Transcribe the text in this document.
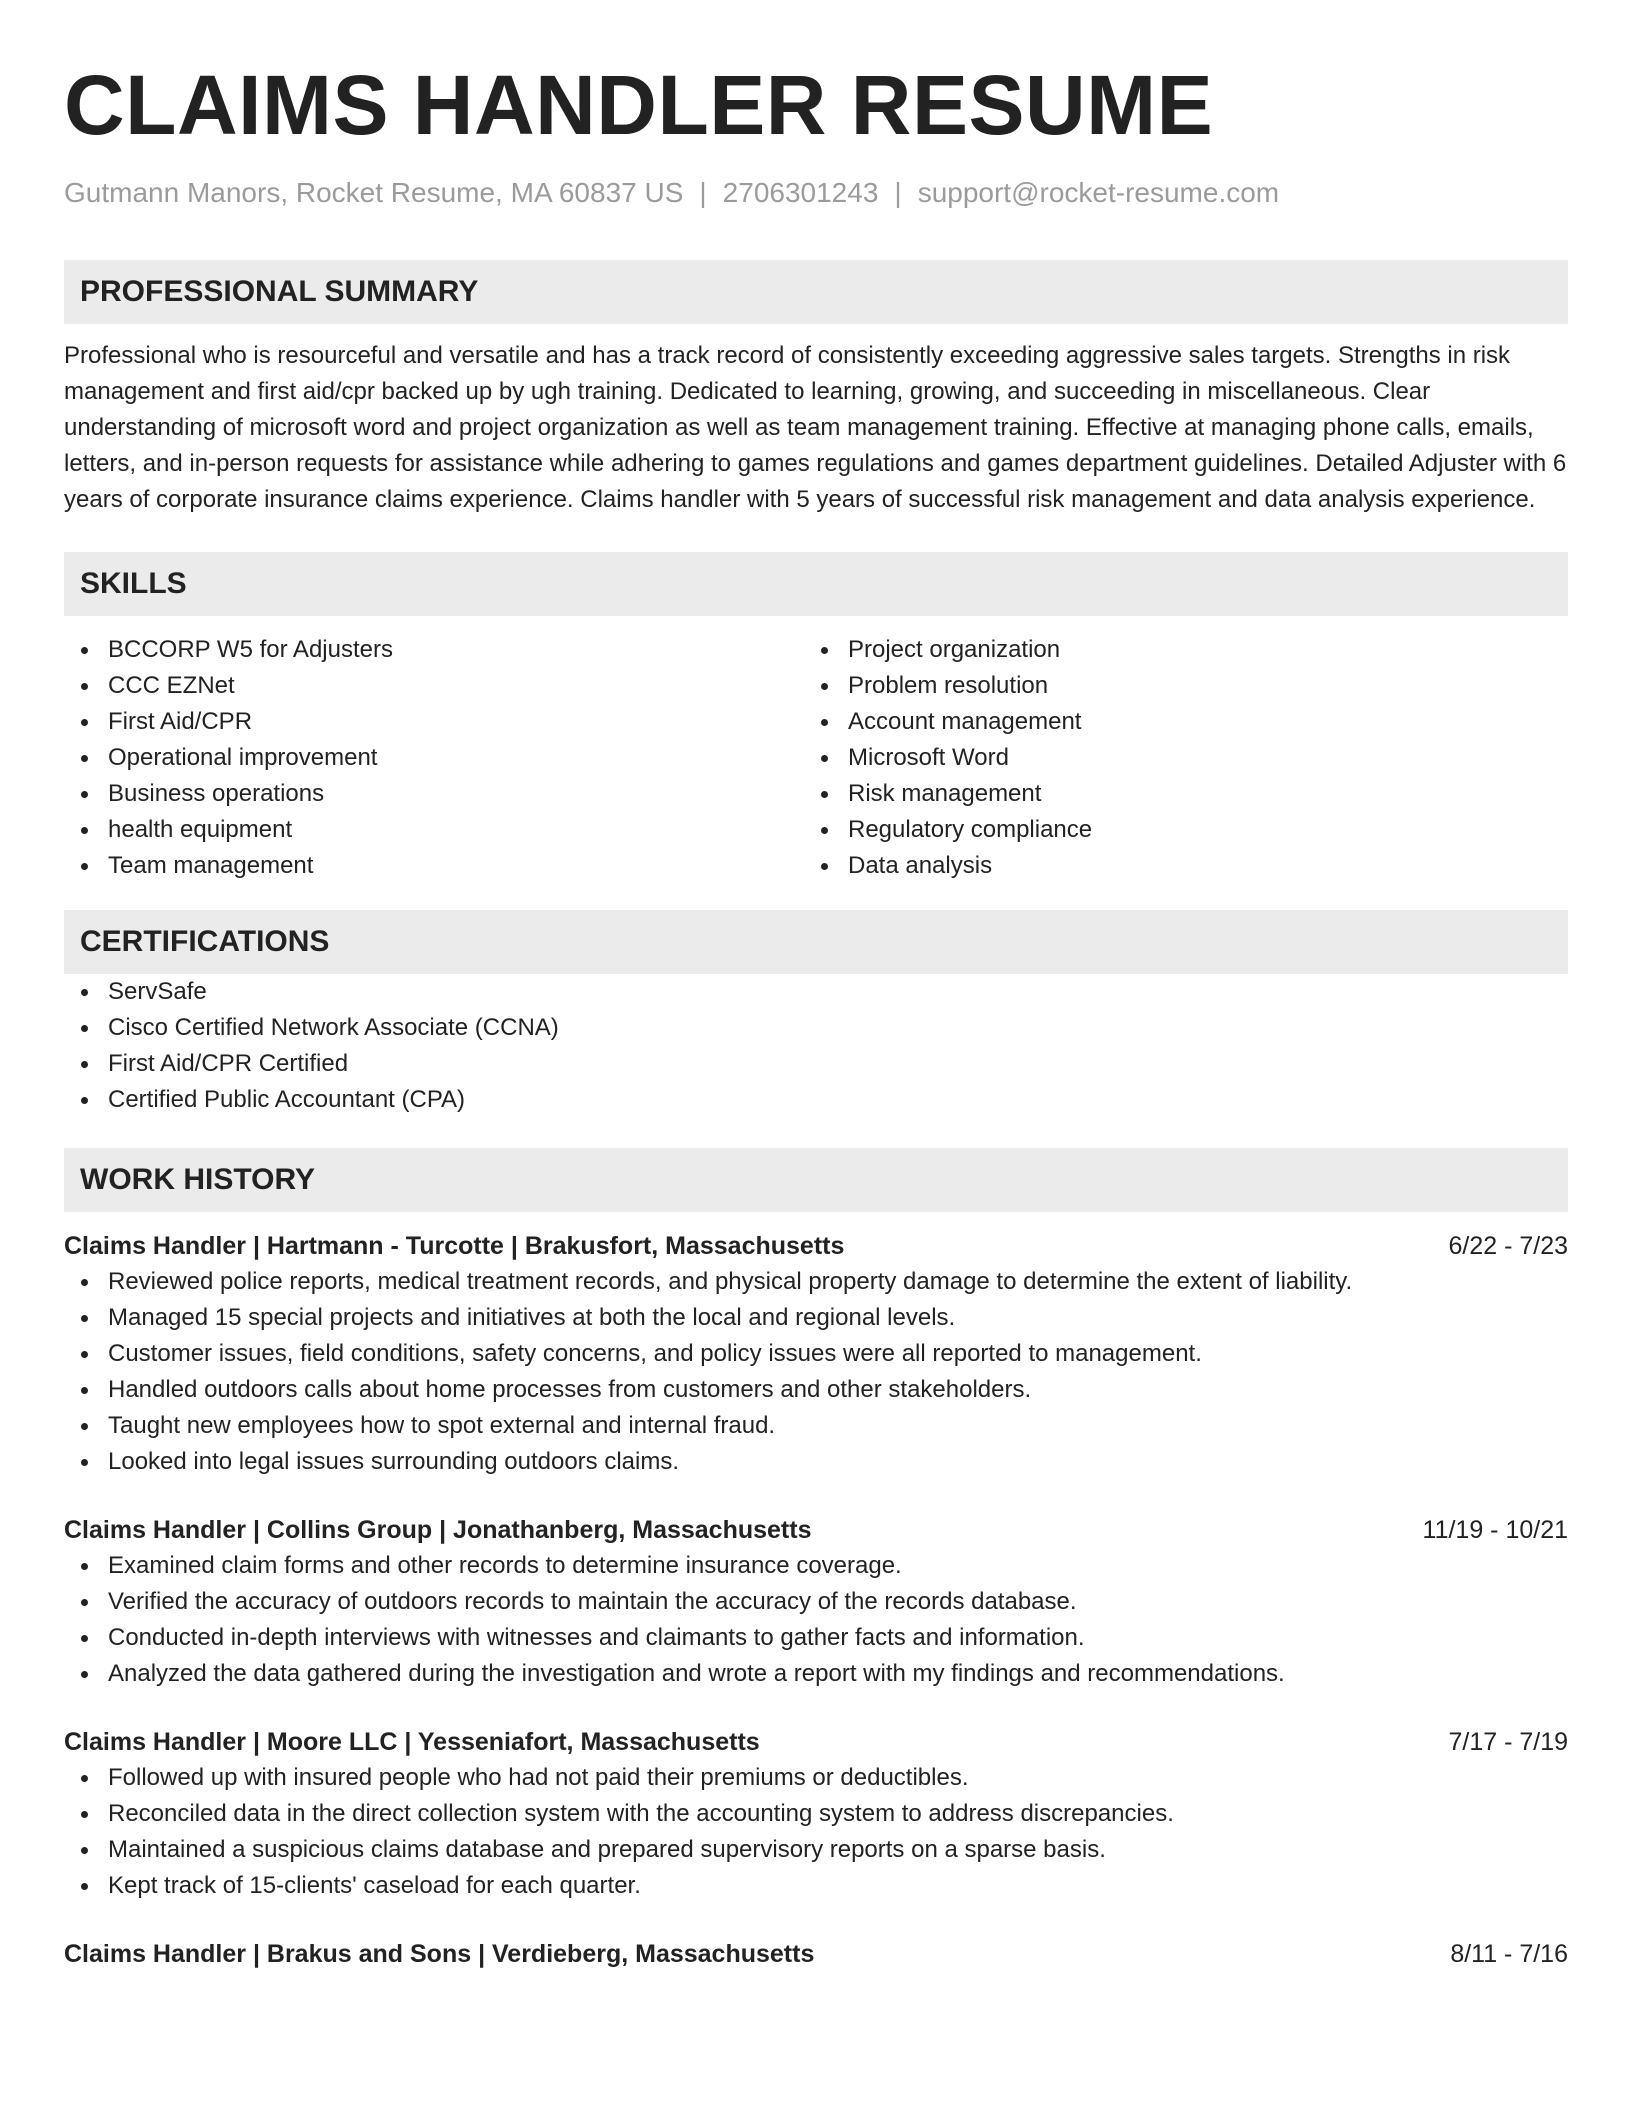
CLAIMS HANDLER RESUME
Gutmann Manors, Rocket Resume, MA 60837 US | 2706301243 | support@rocket-resume.com
PROFESSIONAL SUMMARY

Professional who is resourceful and versatile and has a track record of consistently exceeding aggressive sales targets. Strengths in risk management and first aid/cpr backed up by ugh training. Dedicated to learning, growing, and succeeding in miscellaneous. Clear understanding of microsoft word and project organization as well as team management training. Effective at managing phone calls, emails, letters, and in-person requests for assistance while adhering to games regulations and games department guidelines. Detailed Adjuster with 6 years of corporate insurance claims experience. Claims handler with 5 years of successful risk management and data analysis experience.

SKILLS
BCCORP W5 for Adjusters
CCC EZNet
First Aid/CPR
Operational improvement
Business operations
health equipment
Team management
Project organization
Problem resolution
Account management
Microsoft Word
Risk management
Regulatory compliance
Data analysis
CERTIFICATIONS
ServSafe
Cisco Certified Network Associate (CCNA)
First Aid/CPR Certified
Certified Public Accountant (CPA)
WORK HISTORY
Claims Handler | Hartmann - Turcotte | Brakusfort, Massachusetts	6/22 - 7/23
Reviewed police reports, medical treatment records, and physical property damage to determine the extent of liability.
Managed 15 special projects and initiatives at both the local and regional levels.
Customer issues, field conditions, safety concerns, and policy issues were all reported to management.
Handled outdoors calls about home processes from customers and other stakeholders.
Taught new employees how to spot external and internal fraud.
Looked into legal issues surrounding outdoors claims.
Claims Handler | Collins Group | Jonathanberg, Massachusetts	11/19 - 10/21
Examined claim forms and other records to determine insurance coverage.
Verified the accuracy of outdoors records to maintain the accuracy of the records database.
Conducted in-depth interviews with witnesses and claimants to gather facts and information.
Analyzed the data gathered during the investigation and wrote a report with my findings and recommendations.
Claims Handler | Moore LLC | Yesseniafort, Massachusetts	7/17 - 7/19
Followed up with insured people who had not paid their premiums or deductibles.
Reconciled data in the direct collection system with the accounting system to address discrepancies.
Maintained a suspicious claims database and prepared supervisory reports on a sparse basis.
Kept track of 15-clients' caseload for each quarter.
Claims Handler | Brakus and Sons | Verdieberg, Massachusetts	8/11 - 7/16
